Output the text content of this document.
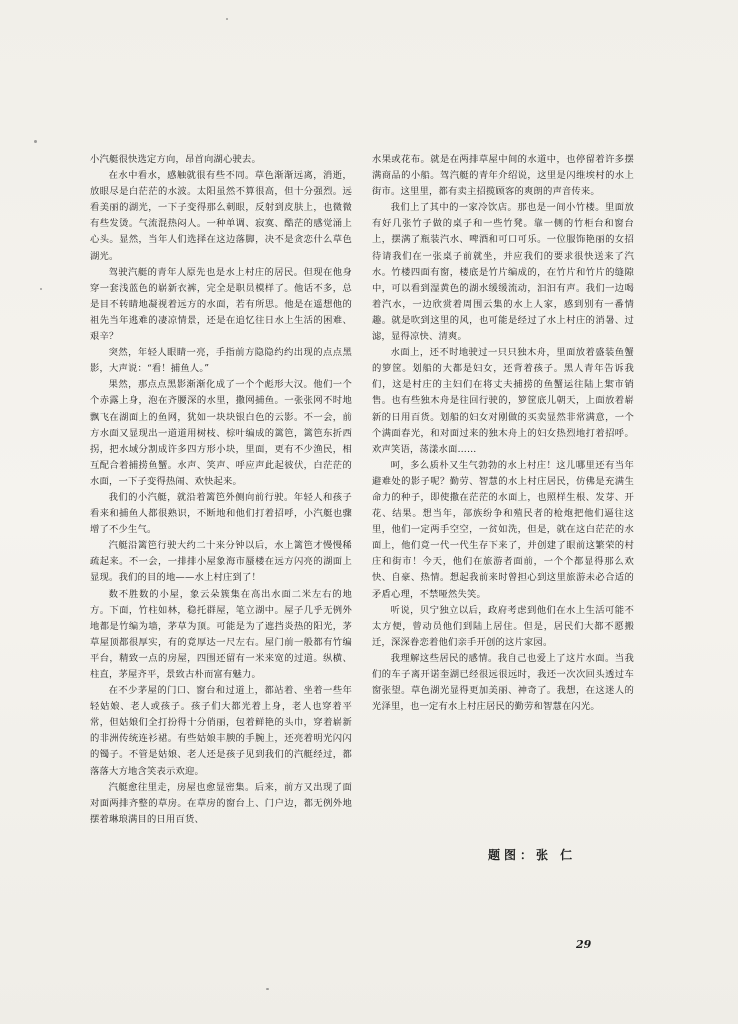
小汽艇很快选定方向，昂首向湖心驶去。

在水中看水，感触就很有些不同。草色渐渐远离，消逝，放眼尽是白茫茫的水波。太阳虽然不算很高，但十分强烈。远看美丽的湖光，一下子变得那么刺眼，反射到皮肤上，也微微有些发烫。气流混热闷人。一种单调、寂寞、酷茫的感觉涌上心头。显然，当年人们选择在这边落脚，决不是贪恋什么草色湖光。

驾驶汽艇的青年人原先也是水上村庄的居民。但现在他身穿一套浅蓝色的崭新衣裤，完全是职员模样了。他话不多，总是目不转睛地凝视着远方的水面，若有所思。他是在遥想他的祖先当年逃难的凄凉情景，还是在追忆往日水上生活的困难、艰辛？

突然，年轻人眼睛一亮，手指前方隐隐约约出现的点点黑影，大声说：“看！捕鱼人。”

果然，那点点黑影渐渐化成了一个个彪形大汉。他们一个个赤露上身，泡在齐腰深的水里，撒网捕鱼。一张张网不时地飘飞在湖面上的鱼网，犹如一块块银白色的云影。不一会，前方水面又显现出一道道用树枝、棕叶编成的篱笆，篱笆东折西拐，把水域分割成许多四方形小块，里面，更有不少渔民，相互配合着捕捞鱼蟹。水声、笑声、呼应声此起彼伏，白茫茫的水面，一下子变得热闹、欢快起来。

我们的小汽艇，就沿着篱笆外侧向前行驶。年轻人和孩子看来和捕鱼人都很熟识，不断地和他们打着招呼，小汽艇也骤增了不少生气。

汽艇沿篱笆行驶大约二十来分钟以后，水上篱笆才慢慢稀疏起来。不一会，一排排小屋象海市蜃楼在远方闪亮的湖面上显现。我们的目的地——水上村庄到了！

数不胜数的小屋，象云朵簇集在高出水面二米左右的地方。下面，竹柱如林，稳托群屋，笔立湖中。屋子几乎无例外地都是竹编为墙，茅草为顶。可能是为了遮挡炎热的阳光，茅草屋顶都很厚实，有的竟厚达一尺左右。屋门前一般都有竹编平台，精致一点的房屋，四围还留有一米来宽的过道。纵横、柱直，茅屋齐平，景致古朴而富有魅力。

在不少茅屋的门口、窗台和过道上，都站着、坐着一些年轻姑娘、老人或孩子。孩子们大都光着上身，老人也穿着平常，但姑娘们全打扮得十分俏丽，包着鲜艳的头巾，穿着崭新的非洲传统连衫裙。有些姑娘丰腴的手腕上，还亮着明光闪闪的镯子。不管是姑娘、老人还是孩子见到我们的汽艇经过，都落落大方地含笑表示欢迎。

汽艇愈往里走，房屋也愈显密集。后来，前方又出现了面对面两排齐整的草房。在草房的窗台上、门户边，都无例外地摆着琳琅满目的日用百货、

水果或花布。就是在两排草屋中间的水道中，也停留着许多摆满商品的小船。驾汽艇的青年介绍说，这里是闪维埃村的水上街市。这里里，都有卖主招揽顾客的爽朗的声音传来。

我们上了其中的一家冷饮店。那也是一间小竹楼。里面放有好几张竹子做的桌子和一些竹凳。靠一侧的竹柜台和窗台上，摆满了瓶装汽水、啤酒和可口可乐。一位服饰艳丽的女招待请我们在一张桌子前就坐，并应我们的要求很快送来了汽水。竹楼四面有窗，楼底是竹片编成的，在竹片和竹片的缝隙中，可以看到湿黄色的湖水缓缓流动，汩汩有声。我们一边喝着汽水，一边欣赏着周围云集的水上人家，感到别有一番情趣。就是吹到这里的风，也可能是经过了水上村庄的消暑、过滤，显得凉快、清爽。

水面上，还不时地驶过一只只独木舟，里面放着盛装鱼蟹的箩筐。划船的大都是妇女，还背着孩子。黑人青年告诉我们，这是村庄的主妇们在将丈夫捕捞的鱼蟹运往陆上集市销售。也有些独木舟是往回行驶的，箩筐底儿朝天，上面放着崭新的日用百货。划船的妇女对刚做的买卖显然非常满意，一个个满面春光，和对面过来的独木舟上的妇女热烈地打着招呼。欢声笑语，荡漾水面……

呵，多么质朴又生气勃勃的水上村庄！这儿哪里还有当年避难处的影子呢？勤劳、智慧的水上村庄居民，仿佛是充满生命力的种子，即使撒在茫茫的水面上，也照样生根、发芽、开花、结果。想当年，部族纷争和殖民者的枪炮把他们逼往这里，他们一定两手空空，一贫如洗，但是，就在这白茫茫的水面上，他们竟一代一代生存下来了，并创建了眼前这繁荣的村庄和街市！今天，他们在旅游者面前，一个个都显得那么欢快、自豪、热情。想起我前来时曾担心到这里旅游未必合适的矛盾心理，不禁哑然失笑。

听说，贝宁独立以后，政府考虑到他们在水上生活可能不太方便，曾动员他们到陆上居住。但是，居民们大都不愿搬迁，深深眷恋着他们亲手开创的这片家园。

我理解这些居民的感情。我自己也爱上了这片水面。当我们的车子离开诺奎湖已经很远很远时，我还一次次回头透过车窗张望。草色湖光显得更加美丽、神奇了。我想，在这迷人的光泽里，也一定有水上村庄居民的勤劳和智慧在闪光。

题图：张 仁
29
